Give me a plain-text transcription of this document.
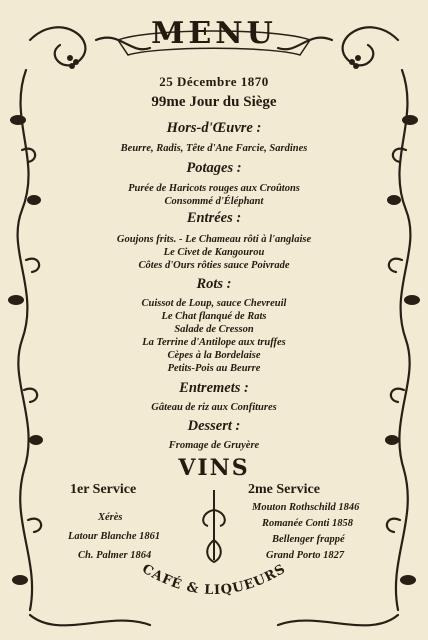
MENU
25 Décembre 1870
99me Jour du Siège
Hors-d'Œuvre :
Beurre, Radis, Tête d'Ane Farcie, Sardines
Potages :
Purée de Haricots rouges aux Croûtons
Consommé d'Éléphant
Entrées :
Goujons frits. - Le Chameau rôti à l'anglaise
Le Civet de Kangourou
Côtes d'Ours rôties sauce Poivrade
Rots :
Cuissot de Loup, sauce Chevreuil
Le Chat flanqué de Rats
Salade de Cresson
La Terrine d'Antilope aux truffes
Cèpes à la Bordelaise
Petits-Pois au Beurre
Entremets :
Gâteau de riz aux Confitures
Dessert :
Fromage de Gruyère
VINS
1er Service
Xérès
Latour Blanche 1861
Ch. Palmer 1864
2me Service
Mouton Rothschild 1846
Romanée Conti 1858
Bellenger frappé
Grand Porto 1827
CAFÉ & LIQUEURS
